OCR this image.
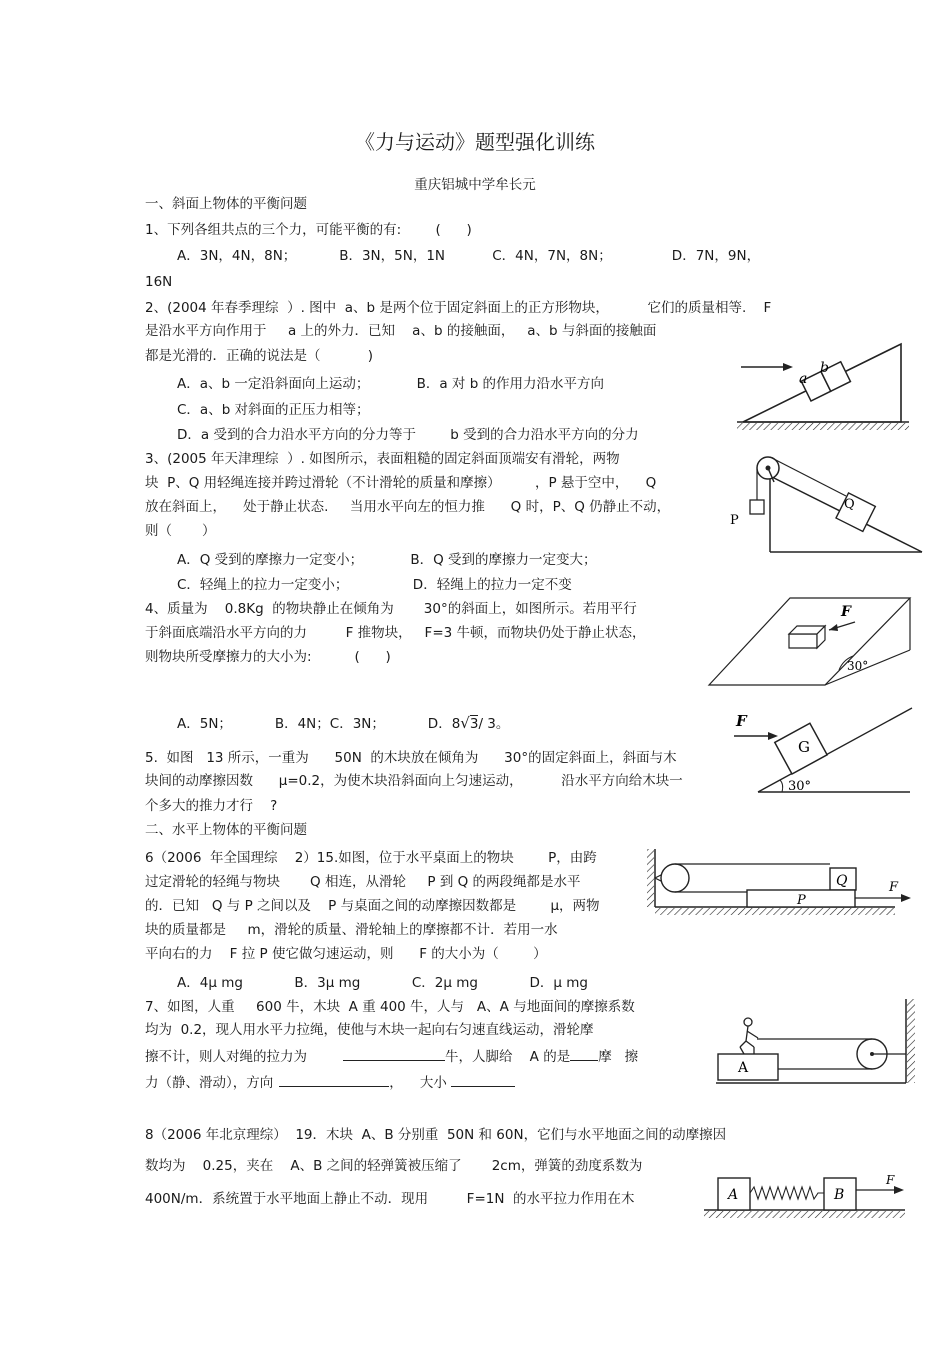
《力与运动》题型强化训练
重庆铝城中学牟长元
一、斜面上物体的平衡问题
1、下列各组共点的三个力，可能平衡的有:        (      )
A．3N，4N，8N；          B．3N，5N，1N           C．4N，7N，8N；              D．7N，9N，
16N
2、(2004 年春季理综  ）. 图中  a、b 是两个位于固定斜面上的正方形物块，         它们的质量相等.    F
是沿水平方向作用于     a 上的外力．已知    a、b 的接触面，   a、b 与斜面的接触面
都是光滑的．正确的说法是（           )
A．a、b 一定沿斜面向上运动；           B．a 对 b 的作用力沿水平方向
C．a、b 对斜面的正压力相等；
D．a 受到的合力沿水平方向的分力等于        b 受到的合力沿水平方向的分力
3、(2005 年天津理综  ）. 如图所示，表面粗糙的固定斜面顶端安有滑轮，两物
块  P、Q 用轻绳连接并跨过滑轮（不计滑轮的质量和摩擦）        ，P 悬于空中，    Q
放在斜面上，    处于静止状态.     当用水平向左的恒力推      Q 时，P、Q 仍静止不动，
则（       ）
A．Q 受到的摩擦力一定变小；           B．Q 受到的摩擦力一定变大；
C．轻绳上的拉力一定变小；               D．轻绳上的拉力一定不变
4、质量为    0.8Kg  的物块静止在倾角为       30°的斜面上，如图所示。若用平行
于斜面底端沿水平方向的力         F 推物块，   F=3 牛顿，而物块仍处于静止状态，
则物块所受摩擦力的大小为:          (      )
A．5N；          B．4N；C．3N；          D．8√3/ 3。
5.  如图   13 所示，一重为      50N  的木块放在倾角为      30°的固定斜面上，斜面与木
块间的动摩擦因数      μ=0.2，为使木块沿斜面向上匀速运动，         沿水平方向给木块一
个多大的推力才行    ?
二、水平上物体的平衡问题
6（2006  年全国理综    2）15.如图，位于水平桌面上的物块        P，由跨
过定滑轮的轻绳与物块       Q 相连，从滑轮     P 到 Q 的两段绳都是水平
的．已知   Q 与 P 之间以及    P 与桌面之间的动摩擦因数都是        μ，两物
块的质量都是     m，滑轮的质量、滑轮轴上的摩擦都不计．若用一水
平向右的力    F 拉 P 使它做匀速运动，则      F 的大小为（        ）
A．4μ mg            B．3μ mg            C．2μ mg            D．μ mg
7、如图，人重     600 牛，木块  A 重 400 牛，人与   A、A 与地面间的摩擦系数
均为  0.2，现人用水平力拉绳，使他与木块一起向右匀速直线运动，滑轮摩
擦不计，则人对绳的拉力为	牛，人脚给    A 的是 摩   擦
力（静、滑动），方向	，    大小
8（2006 年北京理综）  19．木块  A、B 分别重  50N 和 60N，它们与水平地面之间的动摩擦因
数均为    0.25，夹在    A、B 之间的轻弹簧被压缩了       2cm，弹簧的劲度系数为
400N/m．系统置于水平地面上静止不动．现用         F=1N  的水平拉力作用在木
a
b
P
Q
F
30°
G
F
30°
Q
P
F
A
A	B
F
